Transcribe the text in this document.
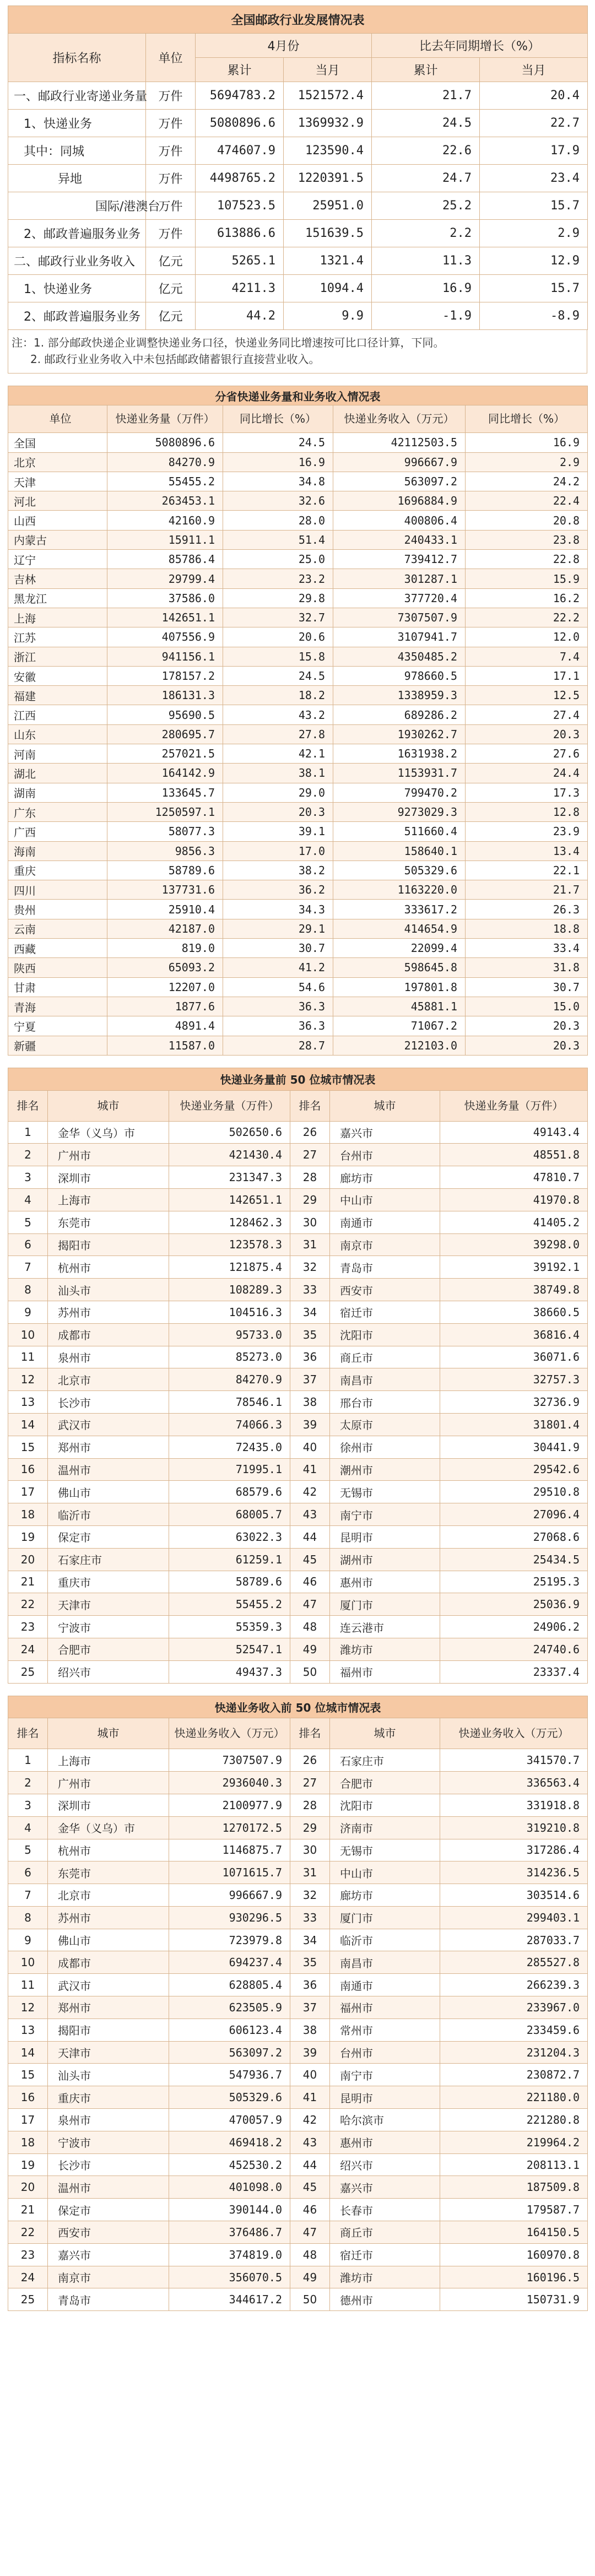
全国邮政行业发展情况表					
指标名称	单位	4月份		比去年同期增长（%）	
		累计	当月	累计	当月
一、邮政行业寄递业务量	万件	5694783.2	1521572.4	21.7	20.4
1、快递业务	万件	5080896.6	1369932.9	24.5	22.7
其中：同城	万件	474607.9	123590.4	22.6	17.9
异地	万件	4498765.2	1220391.5	24.7	23.4
国际/港澳台	万件	107523.5	25951.0	25.2	15.7
2、邮政普遍服务业务	万件	613886.6	151639.5	2.2	2.9
二、邮政行业业务收入	亿元	5265.1	1321.4	11.3	12.9
1、快递业务	亿元	4211.3	1094.4	16.9	15.7
2、邮政普遍服务业务	亿元	44.2	9.9	-1.9	-8.9

注：1. 部分邮政快递企业调整快递业务口径，快递业务同比增速按可比口径计算，下同。

2. 邮政行业业务收入中未包括邮政储蓄银行直接营业收入。

分省快递业务量和业务收入情况表				
单位	快递业务量（万件）	同比增长（%）	快递业务收入（万元）	同比增长（%）
全国	5080896.6	24.5	42112503.5	16.9
北京	84270.9	16.9	996667.9	2.9
天津	55455.2	34.8	563097.2	24.2
河北	263453.1	32.6	1696884.9	22.4
山西	42160.9	28.0	400806.4	20.8
内蒙古	15911.1	51.4	240433.1	23.8
辽宁	85786.4	25.0	739412.7	22.8
吉林	29799.4	23.2	301287.1	15.9
黑龙江	37586.0	29.8	377720.4	16.2
上海	142651.1	32.7	7307507.9	22.2
江苏	407556.9	20.6	3107941.7	12.0
浙江	941156.1	15.8	4350485.2	7.4
安徽	178157.2	24.5	978660.5	17.1
福建	186131.3	18.2	1338959.3	12.5
江西	95690.5	43.2	689286.2	27.4
山东	280695.7	27.8	1930262.7	20.3
河南	257021.5	42.1	1631938.2	27.6
湖北	164142.9	38.1	1153931.7	24.4
湖南	133645.7	29.0	799470.2	17.3
广东	1250597.1	20.3	9273029.3	12.8
广西	58077.3	39.1	511660.4	23.9
海南	9856.3	17.0	158640.1	13.4
重庆	58789.6	38.2	505329.6	22.1
四川	137731.6	36.2	1163220.0	21.7
贵州	25910.4	34.3	333617.2	26.3
云南	42187.0	29.1	414654.9	18.8
西藏	819.0	30.7	22099.4	33.4
陕西	65093.2	41.2	598645.8	31.8
甘肃	12207.0	54.6	197801.8	30.7
青海	1877.6	36.3	45881.1	15.0
宁夏	4891.4	36.3	71067.2	20.3
新疆	11587.0	28.7	212103.0	20.3
快递业务量前 50 位城市情况表					
排名	城市	快递业务量（万件）	排名	城市	快递业务量（万件）
1	金华（义乌）市	502650.6	26	嘉兴市	49143.4
2	广州市	421430.4	27	台州市	48551.8
3	深圳市	231347.3	28	廊坊市	47810.7
4	上海市	142651.1	29	中山市	41970.8
5	东莞市	128462.3	30	南通市	41405.2
6	揭阳市	123578.3	31	南京市	39298.0
7	杭州市	121875.4	32	青岛市	39192.1
8	汕头市	108289.3	33	西安市	38749.8
9	苏州市	104516.3	34	宿迁市	38660.5
10	成都市	95733.0	35	沈阳市	36816.4
11	泉州市	85273.0	36	商丘市	36071.6
12	北京市	84270.9	37	南昌市	32757.3
13	长沙市	78546.1	38	邢台市	32736.9
14	武汉市	74066.3	39	太原市	31801.4
15	郑州市	72435.0	40	徐州市	30441.9
16	温州市	71995.1	41	潮州市	29542.6
17	佛山市	68579.6	42	无锡市	29510.8
18	临沂市	68005.7	43	南宁市	27096.4
19	保定市	63022.3	44	昆明市	27068.6
20	石家庄市	61259.1	45	湖州市	25434.5
21	重庆市	58789.6	46	惠州市	25195.3
22	天津市	55455.2	47	厦门市	25036.9
23	宁波市	55359.3	48	连云港市	24906.2
24	合肥市	52547.1	49	潍坊市	24740.6
25	绍兴市	49437.3	50	福州市	23337.4
快递业务收入前 50 位城市情况表					
排名	城市	快递业务收入（万元）	排名	城市	快递业务收入（万元）
1	上海市	7307507.9	26	石家庄市	341570.7
2	广州市	2936040.3	27	合肥市	336563.4
3	深圳市	2100977.9	28	沈阳市	331918.8
4	金华（义乌）市	1270172.5	29	济南市	319210.8
5	杭州市	1146875.7	30	无锡市	317286.4
6	东莞市	1071615.7	31	中山市	314236.5
7	北京市	996667.9	32	廊坊市	303514.6
8	苏州市	930296.5	33	厦门市	299403.1
9	佛山市	723979.8	34	临沂市	287033.7
10	成都市	694237.4	35	南昌市	285527.8
11	武汉市	628805.4	36	南通市	266239.3
12	郑州市	623505.9	37	福州市	233967.0
13	揭阳市	606123.4	38	常州市	233459.6
14	天津市	563097.2	39	台州市	231204.3
15	汕头市	547936.7	40	南宁市	230872.7
16	重庆市	505329.6	41	昆明市	221180.0
17	泉州市	470057.9	42	哈尔滨市	221280.8
18	宁波市	469418.2	43	惠州市	219964.2
19	长沙市	452530.2	44	绍兴市	208113.1
20	温州市	401098.0	45	嘉兴市	187509.8
21	保定市	390144.0	46	长春市	179587.7
22	西安市	376486.7	47	商丘市	164150.5
23	嘉兴市	374819.0	48	宿迁市	160970.8
24	南京市	356070.5	49	潍坊市	160196.5
25	青岛市	344617.2	50	德州市	150731.9
